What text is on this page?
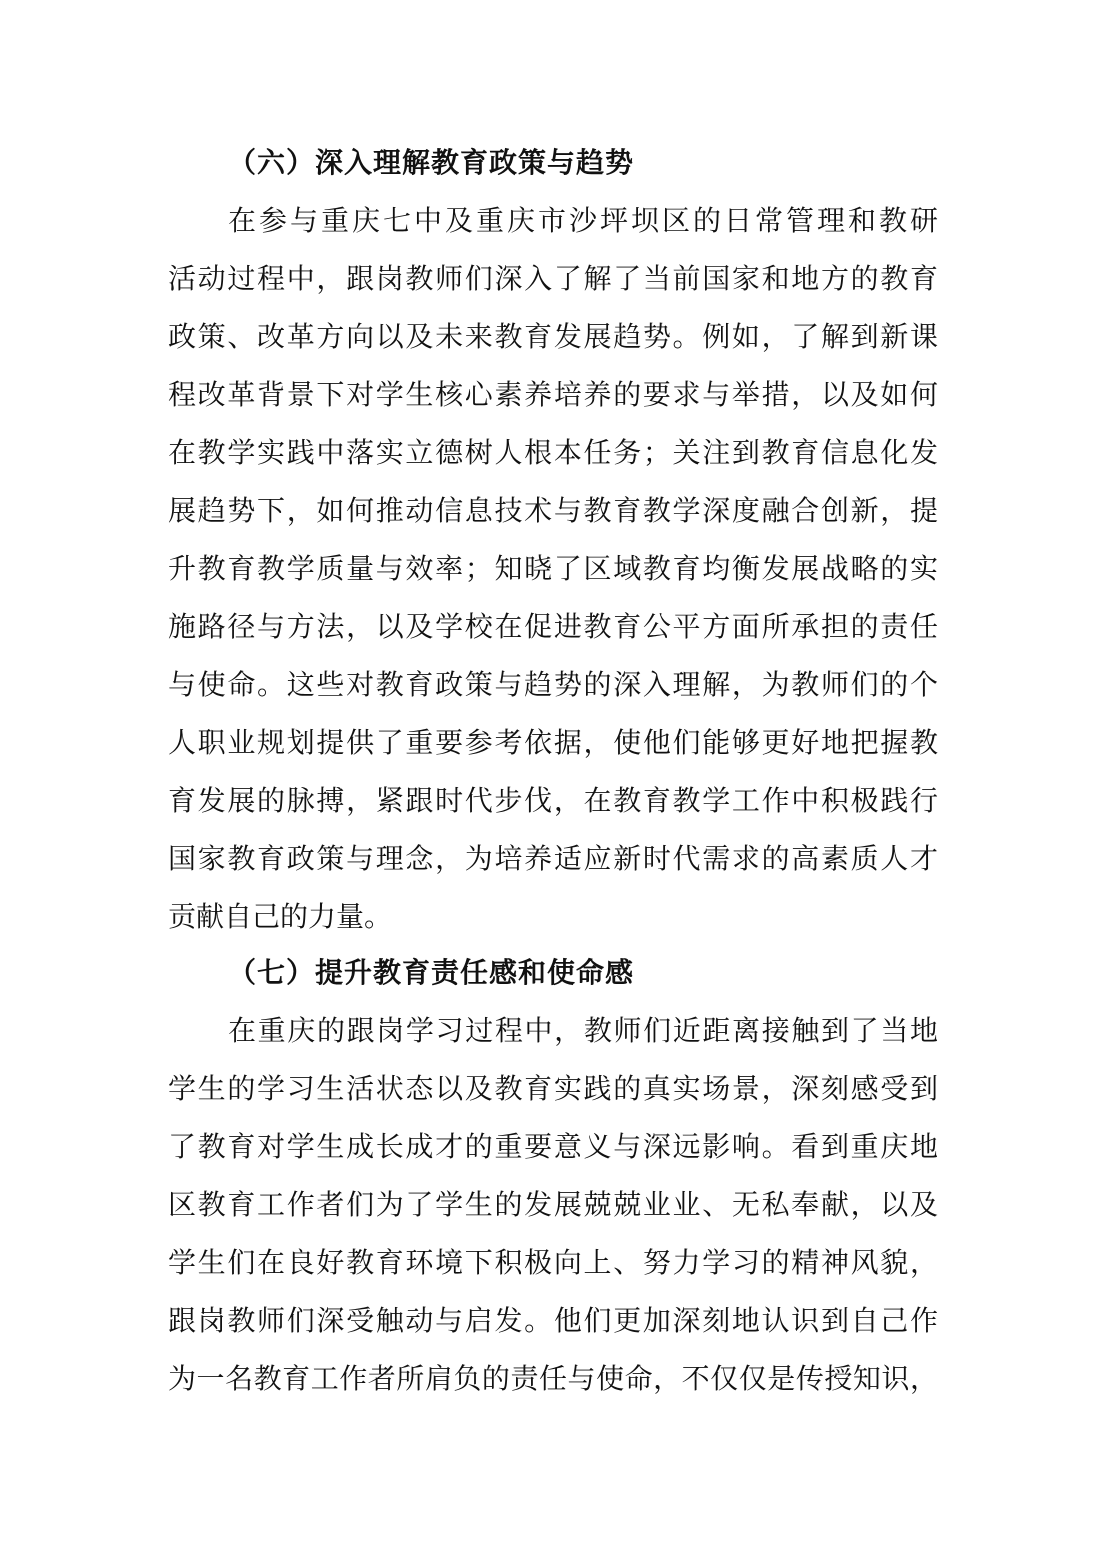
（六）深入理解教育政策与趋势
在参与重庆七中及重庆市沙坪坝区的日常管理和教研
活动过程中，跟岗教师们深入了解了当前国家和地方的教育
政策、改革方向以及未来教育发展趋势。例如，了解到新课
程改革背景下对学生核心素养培养的要求与举措，以及如何
在教学实践中落实立德树人根本任务；关注到教育信息化发
展趋势下，如何推动信息技术与教育教学深度融合创新，提
升教育教学质量与效率；知晓了区域教育均衡发展战略的实
施路径与方法，以及学校在促进教育公平方面所承担的责任
与使命。这些对教育政策与趋势的深入理解，为教师们的个
人职业规划提供了重要参考依据，使他们能够更好地把握教
育发展的脉搏，紧跟时代步伐，在教育教学工作中积极践行
国家教育政策与理念，为培养适应新时代需求的高素质人才
贡献自己的力量。
（七）提升教育责任感和使命感
在重庆的跟岗学习过程中，教师们近距离接触到了当地
学生的学习生活状态以及教育实践的真实场景，深刻感受到
了教育对学生成长成才的重要意义与深远影响。看到重庆地
区教育工作者们为了学生的发展兢兢业业、无私奉献，以及
学生们在良好教育环境下积极向上、努力学习的精神风貌，
跟岗教师们深受触动与启发。他们更加深刻地认识到自己作
为一名教育工作者所肩负的责任与使命，不仅仅是传授知识，
